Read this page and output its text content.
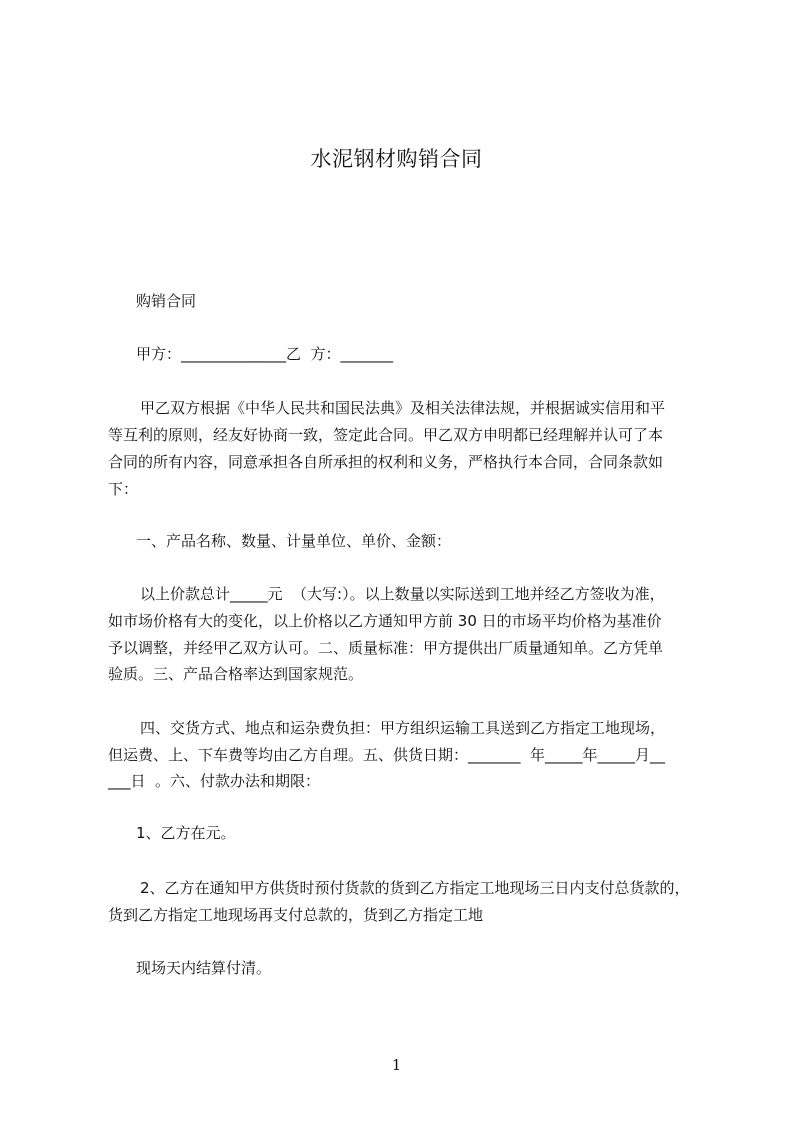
水泥钢材购销合同
购销合同
甲方：______________乙  方：_______
甲乙双方根据《中华人民共和国民法典》及相关法律法规，并根据诚实信用和平
等互利的原则，经友好协商一致，签定此合同。甲乙双方申明都已经理解并认可了本
合同的所有内容，同意承担各自所承担的权利和义务，严格执行本合同，合同条款如
下：
一、产品名称、数量、计量单位、单价、金额：
以上价款总计_____元  （大写:）。以上数量以实际送到工地并经乙方签收为准，
如市场价格有大的变化，以上价格以乙方通知甲方前 30 日的市场平均价格为基准价
予以调整，并经甲乙双方认可。二、质量标准：甲方提供出厂质量通知单。乙方凭单
验质。三、产品合格率达到国家规范。
四、交货方式、地点和运杂费负担：甲方组织运输工具送到乙方指定工地现场，
但运费、上、下车费等均由乙方自理。五、供货日期：_______  年_____年_____月__
___日  。六、付款办法和期限：
1、乙方在元。
2、乙方在通知甲方供货时预付货款的货到乙方指定工地现场三日内支付总货款的，
货到乙方指定工地现场再支付总款的，货到乙方指定工地
现场天内结算付清。
1
